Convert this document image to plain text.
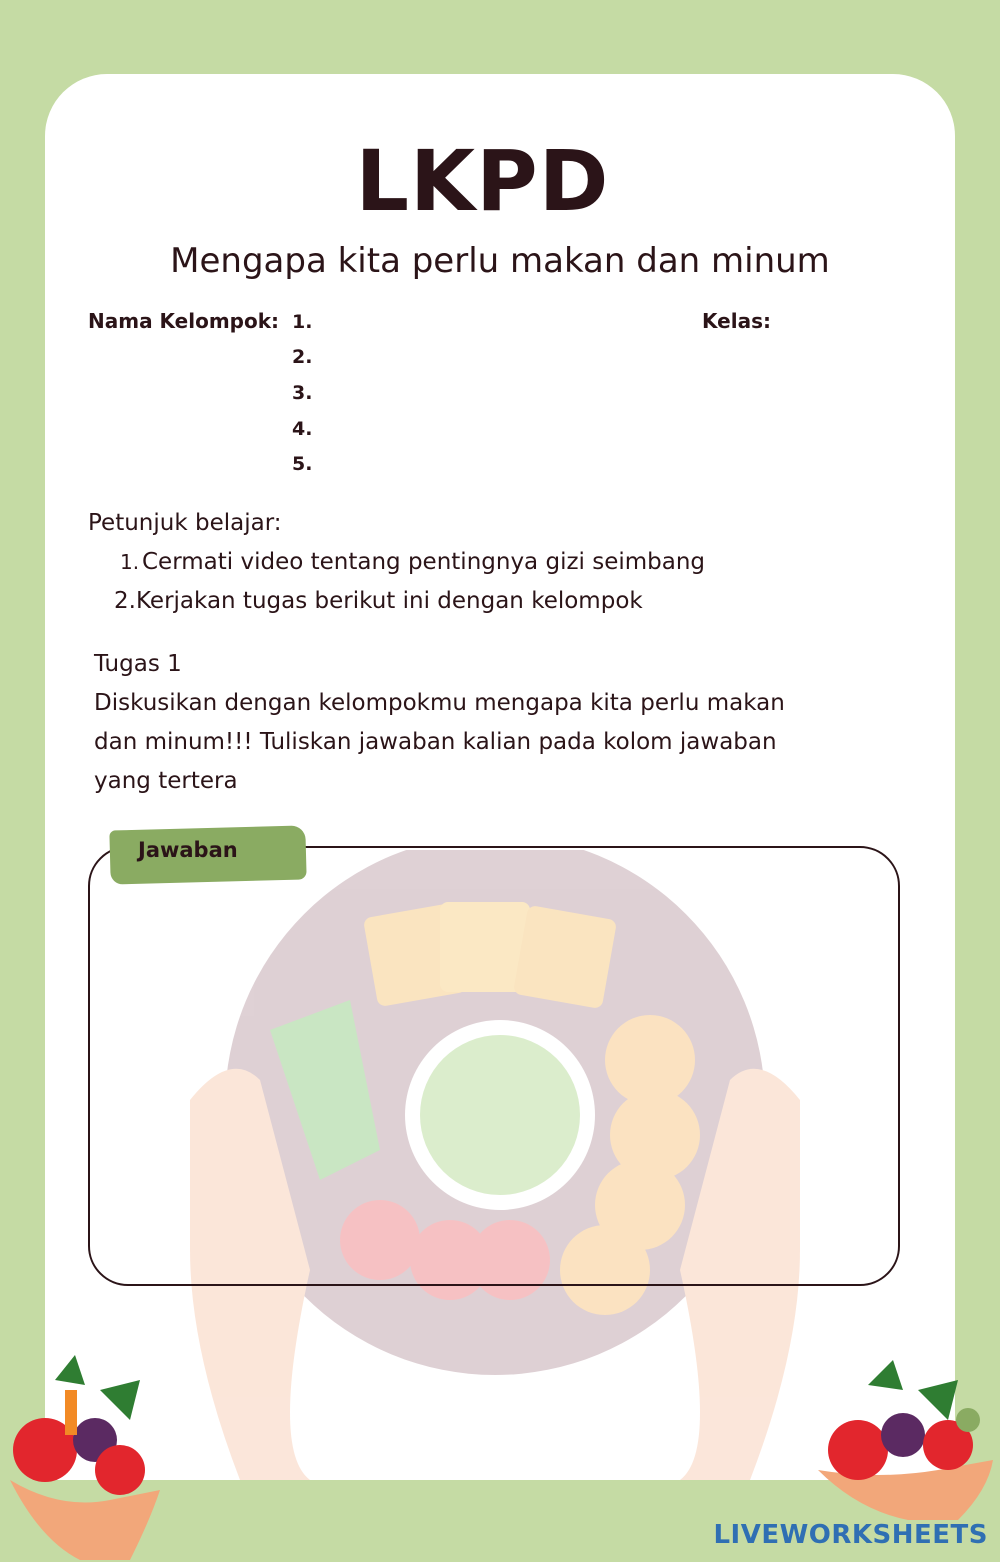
LKPD
Mengapa kita perlu makan dan minum
Nama Kelompok:	Kelas:
1.
2.
3.
4.
5.
Petunjuk belajar:
1. Cermati video tentang pentingnya gizi seimbang
2. Kerjakan tugas berikut ini dengan kelompok
Tugas 1
Diskusikan dengan kelompokmu mengapa kita perlu makan
dan minum!!! Tuliskan jawaban kalian pada kolom jawaban
yang tertera
Jawaban
LIVEWORKSHEETS
